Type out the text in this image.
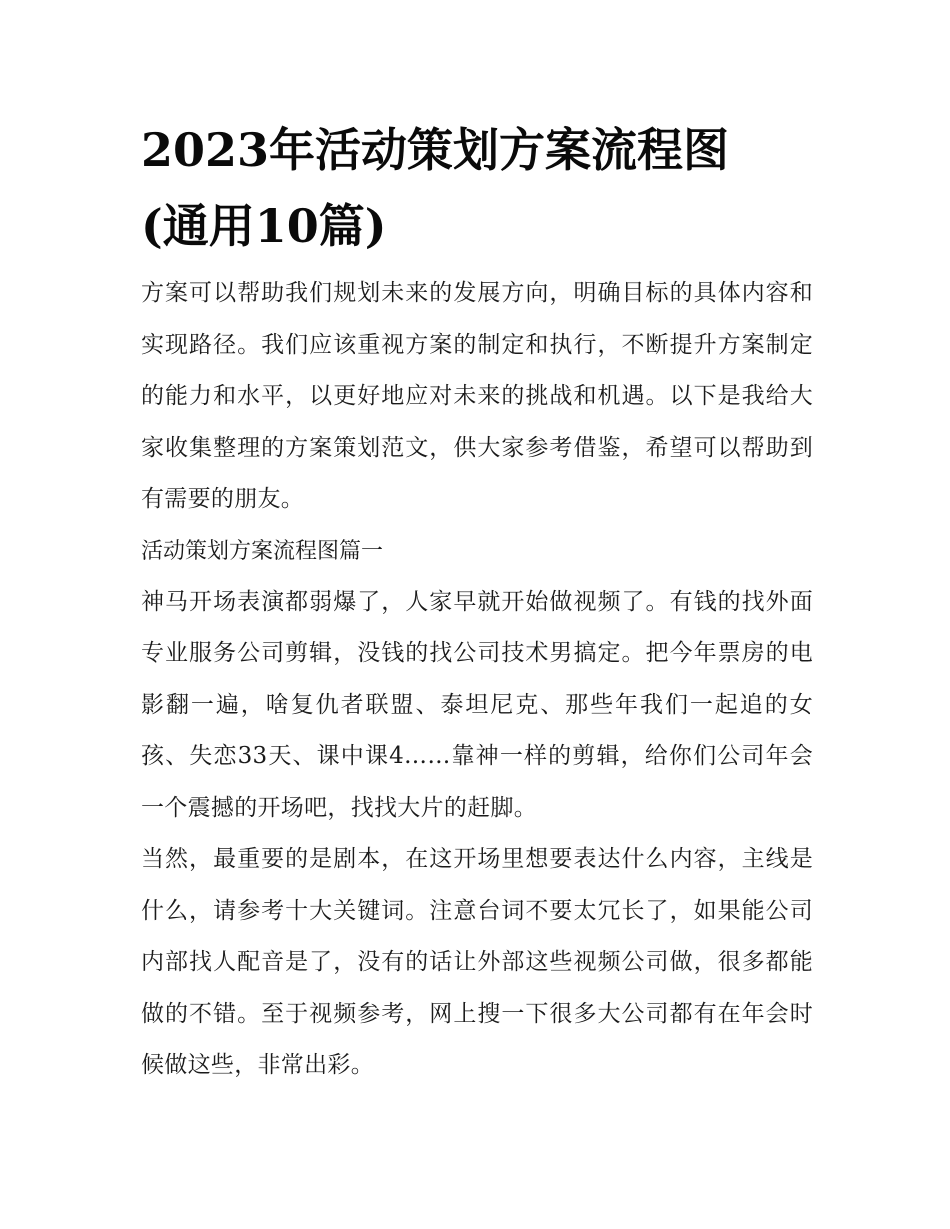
2023年活动策划方案流程图
(通用10篇)

方案可以帮助我们规划未来的发展方向，明确目标的具体内容和实现路径。我们应该重视方案的制定和执行，不断提升方案制定的能力和水平，以更好地应对未来的挑战和机遇。以下是我给大家收集整理的方案策划范文，供大家参考借鉴，希望可以帮助到有需要的朋友。

活动策划方案流程图篇一

神马开场表演都弱爆了，人家早就开始做视频了。有钱的找外面专业服务公司剪辑，没钱的找公司技术男搞定。把今年票房的电影翻一遍，啥复仇者联盟、泰坦尼克、那些年我们一起追的女孩、失恋33天、课中课4……靠神一样的剪辑，给你们公司年会一个震撼的开场吧，找找大片的赶脚。

当然，最重要的是剧本，在这开场里想要表达什么内容，主线是什么，请参考十大关键词。注意台词不要太冗长了，如果能公司内部找人配音是了，没有的话让外部这些视频公司做，很多都能做的不错。至于视频参考，网上搜一下很多大公司都有在年会时候做这些，非常出彩。
